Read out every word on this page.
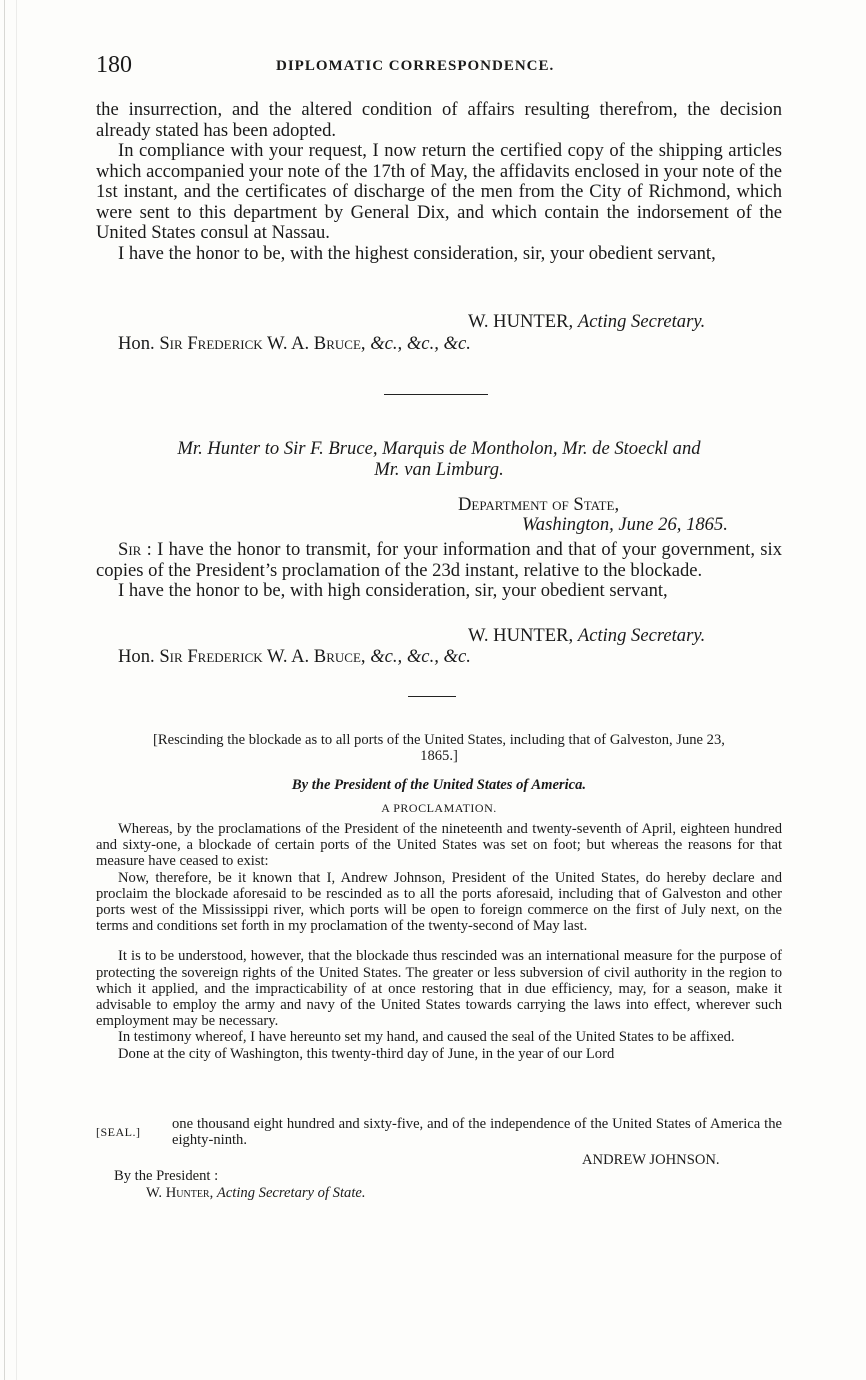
180	DIPLOMATIC CORRESPONDENCE.

the insurrection, and the altered condition of affairs resulting therefrom, the decision already stated has been adopted.

In compliance with your request, I now return the certified copy of the shipping articles which accompanied your note of the 17th of May, the affidavits enclosed in your note of the 1st instant, and the certificates of discharge of the men from the City of Richmond, which were sent to this department by General Dix, and which contain the indorsement of the United States consul at Nassau.

I have the honor to be, with the highest consideration, sir, your obedient servant,

W. HUNTER, Acting Secretary.
Hon. Sir Frederick W. A. Bruce, &c., &c., &c.
Mr. Hunter to Sir F. Bruce, Marquis de Montholon, Mr. de Stoeckl and
Mr. van Limburg.
Department of State,
Washington, June 26, 1865.

Sir : I have the honor to transmit, for your information and that of your government, six copies of the President’s proclamation of the 23d instant, relative to the blockade.

I have the honor to be, with high consideration, sir, your obedient servant,

W. HUNTER, Acting Secretary.
Hon. Sir Frederick W. A. Bruce, &c., &c., &c.
[Rescinding the blockade as to all ports of the United States, including that of Galveston, June 23, 1865.]
By the President of the United States of America.
A PROCLAMATION.

Whereas, by the proclamations of the President of the nineteenth and twenty-seventh of April, eighteen hundred and sixty-one, a blockade of certain ports of the United States was set on foot; but whereas the reasons for that measure have ceased to exist:

Now, therefore, be it known that I, Andrew Johnson, President of the United States, do hereby declare and proclaim the blockade aforesaid to be rescinded as to all the ports aforesaid, including that of Galveston and other ports west of the Mississippi river, which ports will be open to foreign commerce on the first of July next, on the terms and conditions set forth in my proclamation of the twenty-second of May last.

It is to be understood, however, that the blockade thus rescinded was an international measure for the purpose of protecting the sovereign rights of the United States. The greater or less subversion of civil authority in the region to which it applied, and the impracticability of at once restoring that in due efficiency, may, for a season, make it advisable to employ the army and navy of the United States towards carrying the laws into effect, wherever such employment may be necessary.

In testimony whereof, I have hereunto set my hand, and caused the seal of the United States to be affixed.

Done at the city of Washington, this twenty-third day of June, in the year of our Lord

[SEAL.] one thousand eight hundred and sixty-five, and of the independence of the United States of America the eighty-ninth.
ANDREW JOHNSON.
By the President :
W. Hunter, Acting Secretary of State.
